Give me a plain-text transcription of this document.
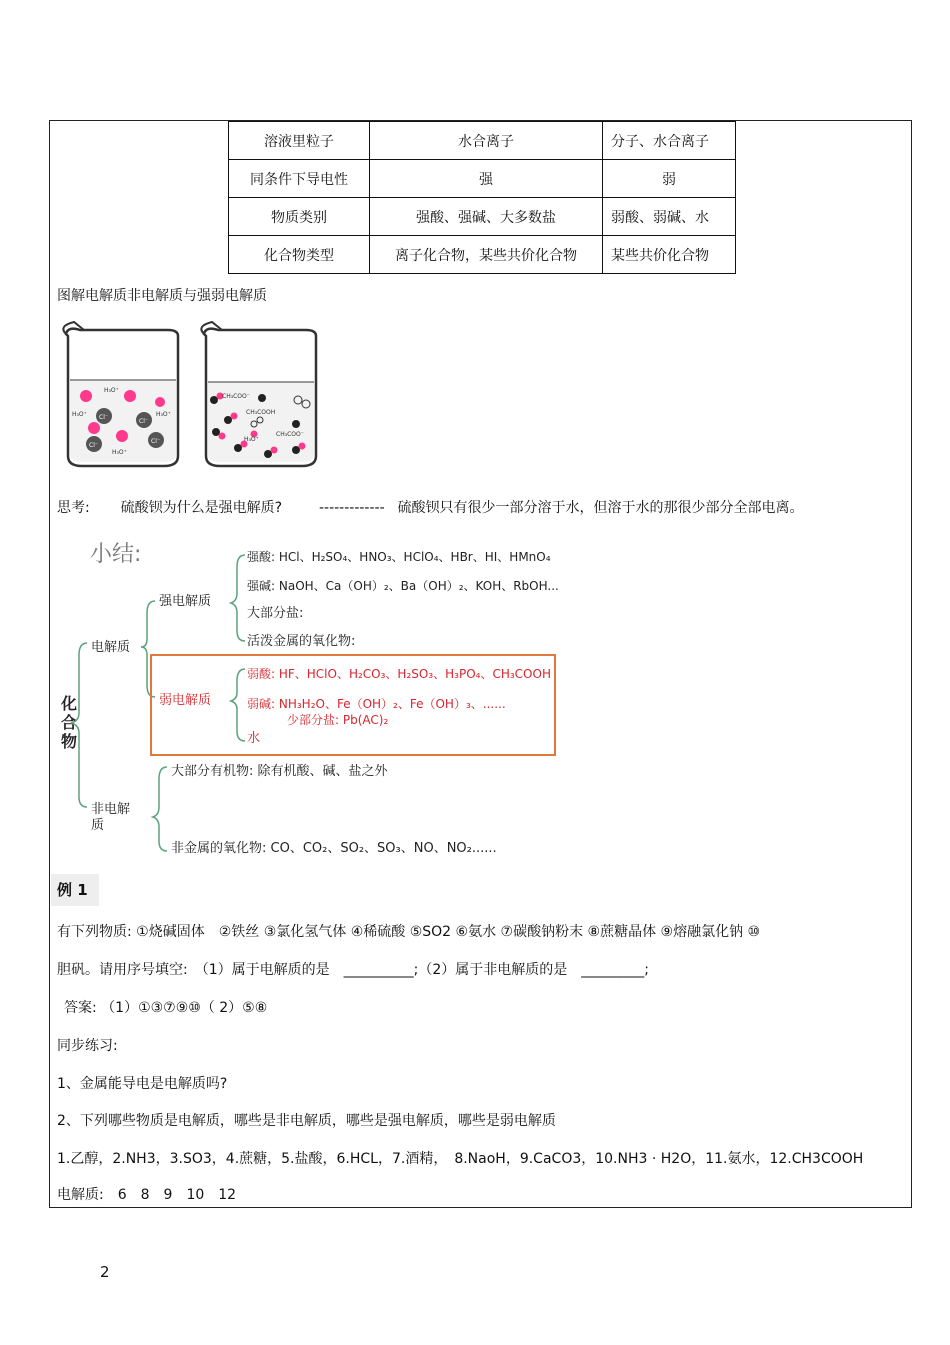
溶液里粒子	水合离子	分子、水合离子
同条件下导电性	强	弱
物质类别	强酸、强碱、大多数盐	弱酸、弱碱、水
化合物类型	离子化合物，某些共价化合物	某些共价化合物
图解电解质非电解质与强弱电解质
Cl⁻
Cl⁻
Cl⁻
Cl⁻
H₃O⁺
H₃O⁺	H₃O⁺
H₃O⁺
CH₃COO⁻
CH₃COOH
H₃O⁺
CH₃COO⁻
思考: 硫酸钡为什么是强电解质?	------------- 硫酸钡只有很少一部分溶于水，但溶于水的那很少部分全部电离。
小结:
化
合
物
电解质
非电解
质
强电解质
强酸: HCl、H₂SO₄、HNO₃、HClO₄、HBr、HI、HMnO₄
强碱: NaOH、Ca（OH）₂、Ba（OH）₂、KOH、RbOH...
大部分盐:
活泼金属的氧化物:
弱电解质
弱酸: HF、HClO、H₂CO₃、H₂SO₃、H₃PO₄、CH₃COOH
弱碱: NH₃H₂O、Fe（OH）₂、Fe（OH）₃、......
少部分盐: Pb(AC)₂
水
大部分有机物: 除有机酸、碱、盐之外
非金属的氧化物: CO、CO₂、SO₂、SO₃、NO、NO₂......
例 1
有下列物质: ①烧碱固体　②铁丝 ③氯化氢气体 ④稀硫酸 ⑤SO2 ⑥氨水 ⑦碳酸钠粉末 ⑧蔗糖晶体 ⑨熔融氯化钠 ⑩
胆矾。请用序号填空:　（1）属于电解质的是　__________;（2）属于非电解质的是　_________;
答案: （1）①③⑦⑨⑩（ 2）⑤⑧
同步练习:
1、金属能导电是电解质吗?
2、下列哪些物质是电解质，哪些是非电解质，哪些是强电解质，哪些是弱电解质
1.乙醇，2.NH3，3.SO3，4.蔗糖，5.盐酸，6.HCL，7.酒精，　8.NaoH，9.CaCO3，10.NH3 · H2O，11.氨水，12.CH3COOH
电解质:　6　8　9　10　12
2
